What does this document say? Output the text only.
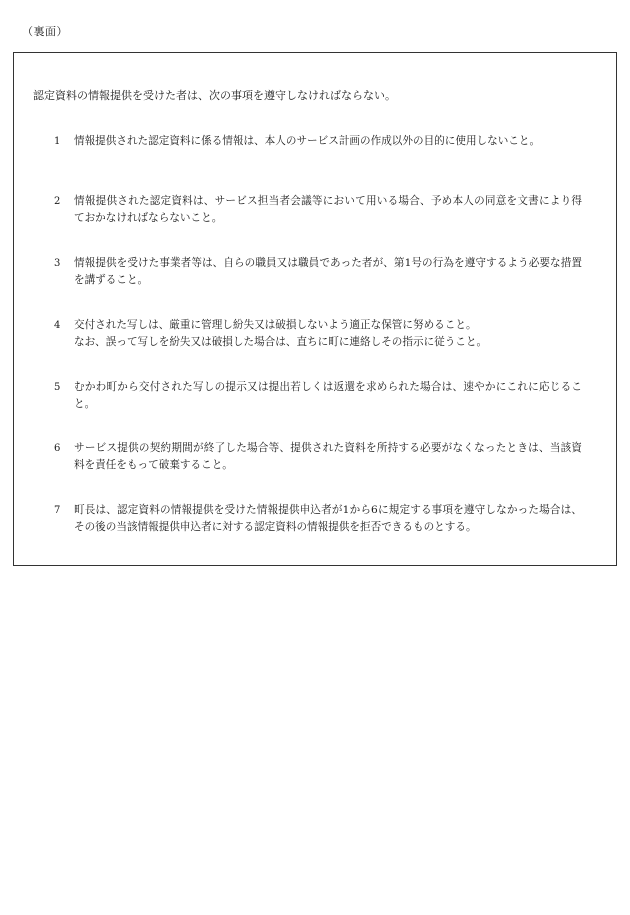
（裏面）
認定資料の情報提供を受けた者は、次の事項を遵守しなければならない。
1 情報提供された認定資料に係る情報は、本人のサービス計画の作成以外の目的に使用しないこと。
2 情報提供された認定資料は、サービス担当者会議等において用いる場合、予め本人の同意を文書により得ておかなければならないこと。
3 情報提供を受けた事業者等は、自らの職員又は職員であった者が、第1号の行為を遵守するよう必要な措置を講ずること。
4 交付された写しは、厳重に管理し紛失又は破損しないよう適正な保管に努めること。
なお、誤って写しを紛失又は破損した場合は、直ちに町に連絡しその指示に従うこと。
5 むかわ町から交付された写しの提示又は提出若しくは返還を求められた場合は、速やかにこれに応じること。
6 サービス提供の契約期間が終了した場合等、提供された資料を所持する必要がなくなったときは、当該資料を責任をもって破棄すること。
7 町長は、認定資料の情報提供を受けた情報提供申込者が1から6に規定する事項を遵守しなかった場合は、その後の当該情報提供申込者に対する認定資料の情報提供を拒否できるものとする。
